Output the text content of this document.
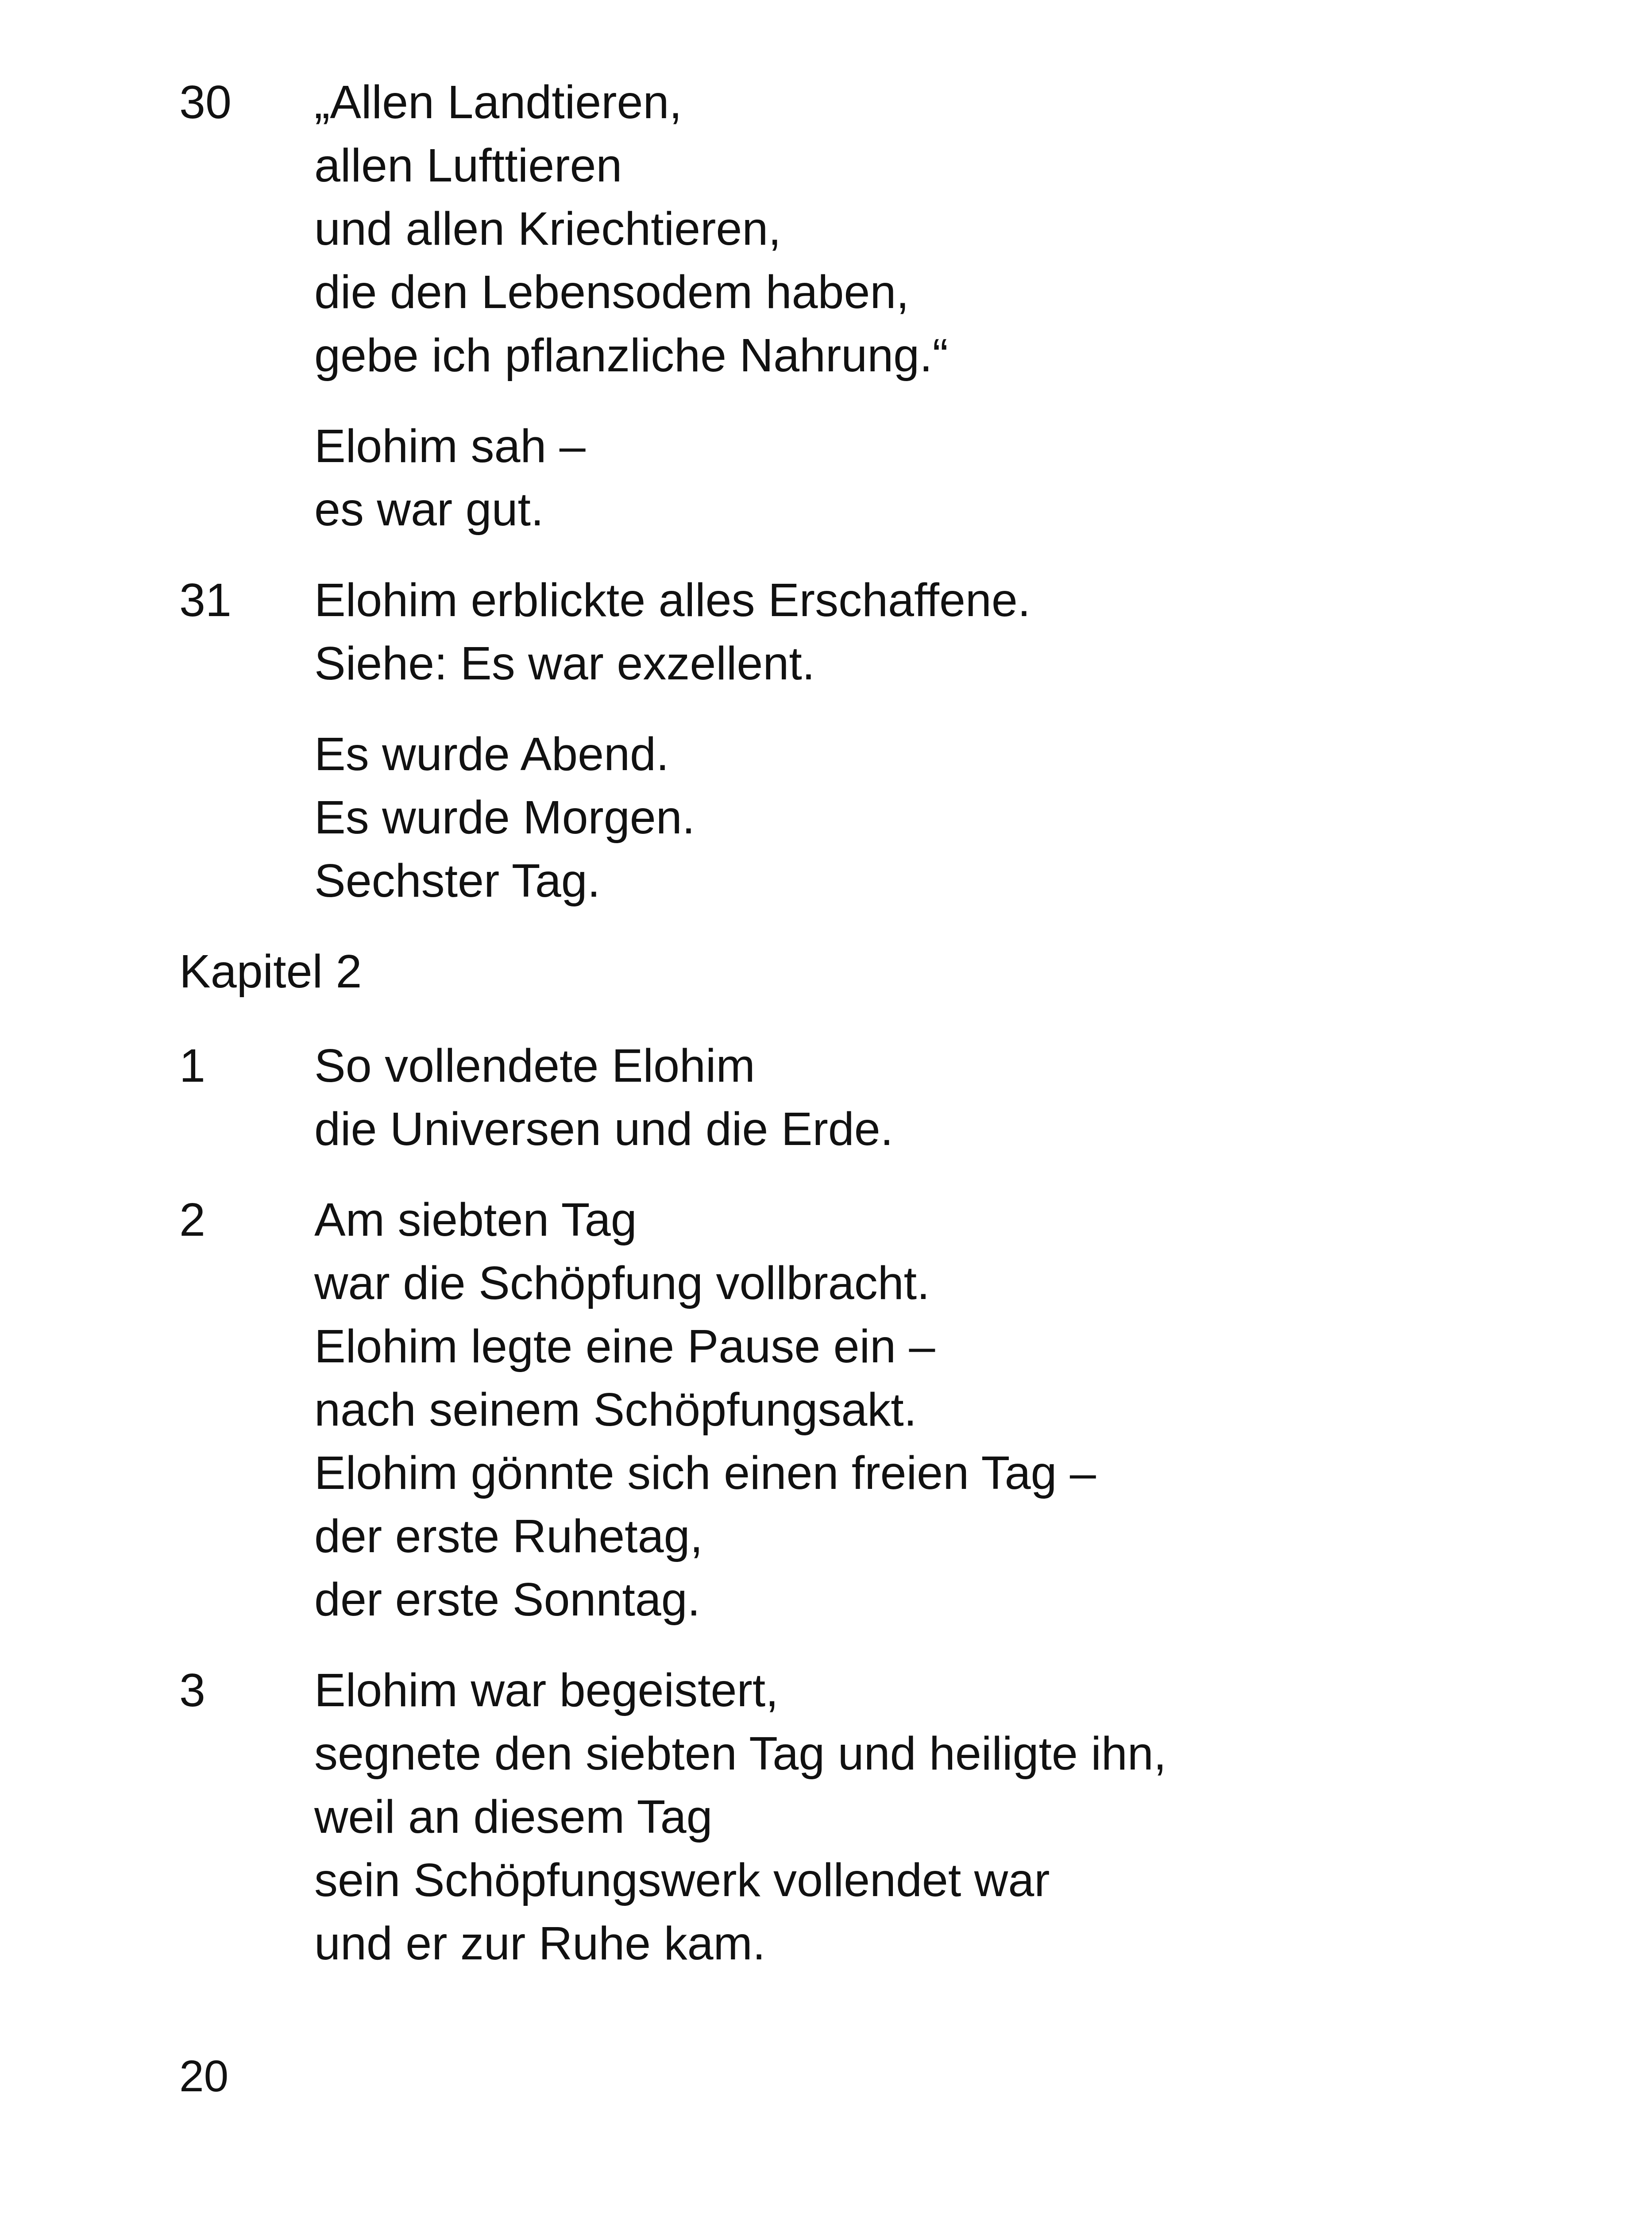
30	„Allen Landtieren,
allen Lufttieren
und allen Kriechtieren,
die den Lebensodem haben,
gebe ich pflanzliche Nahrung.“
Elohim sah –
es war gut.
31	Elohim erblickte alles Erschaffene.
Siehe: Es war exzellent.
Es wurde Abend.
Es wurde Morgen.
Sechster Tag.
Kapitel 2
1	So vollendete Elohim
die Universen und die Erde.
2	Am siebten Tag
war die Schöpfung vollbracht.
Elohim legte eine Pause ein –
nach seinem Schöpfungsakt.
Elohim gönnte sich einen freien Tag –
der erste Ruhetag,
der erste Sonntag.
3	Elohim war begeistert,
segnete den siebten Tag und heiligte ihn,
weil an diesem Tag
sein Schöpfungswerk vollendet war
und er zur Ruhe kam.
20
